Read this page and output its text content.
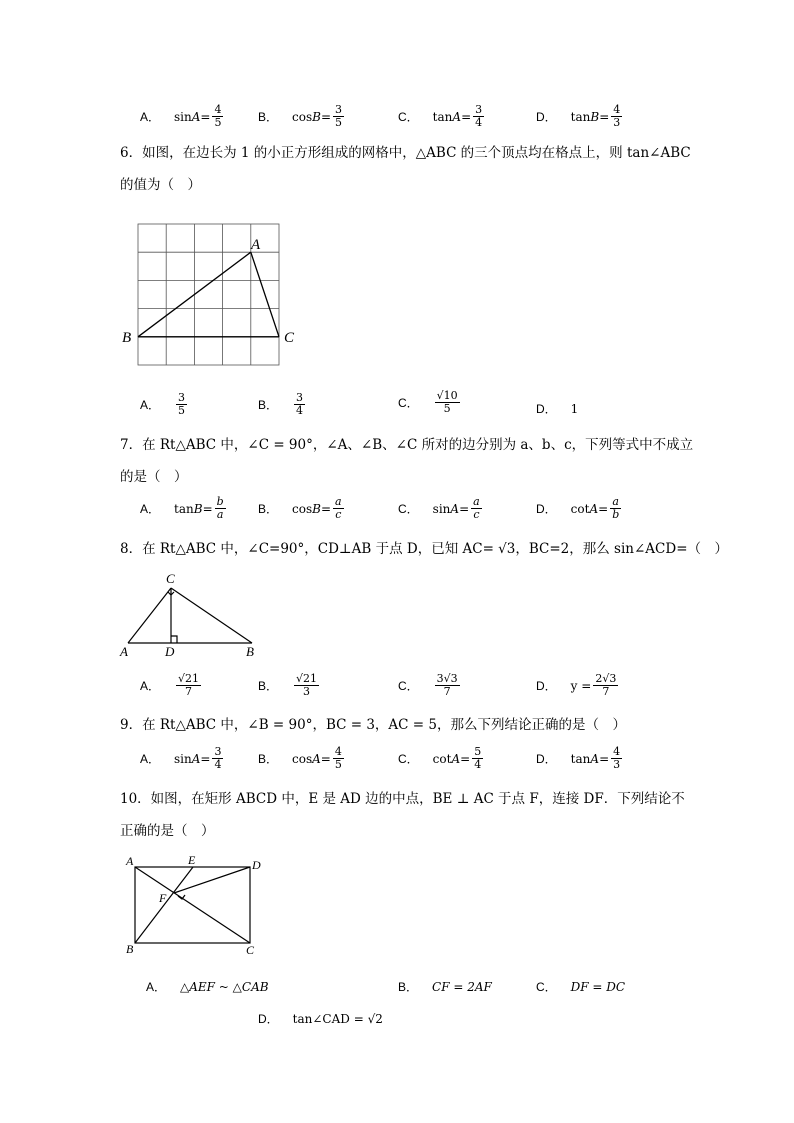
A． $\sin A = \frac{4}{5}$	B． $\cos B = \frac{3}{5}$	C． $\tan A = \frac{3}{4}$	D． $\tan B = \frac{4}{3}$
6．如图，在边长为 1 的小正方形组成的网格中，△ABC 的三个顶点均在格点上，则 tan∠ABC
的值为（　）
A
B	C
A． $\frac{3}{5}$	B． $\frac{3}{4}$	C． $\frac{√10}{5}$	D． 1
7．在 Rt△ABC 中，∠C = 90°，∠A、∠B、∠C 所对的边分别为 a、b、c，下列等式中不成立
的是（　）
A． $\tan B = \frac{b}{a}$	B． $\cos B = \frac{a}{c}$	C． $\sin A = \frac{a}{c}$	D． $\cot A = \frac{a}{b}$
8．在 Rt△ABC 中，∠C=90°，CD⊥AB 于点 D，已知 AC= √3，BC=2，那么 sin∠ACD=（　）
C
A	D	B
A． $\frac{√21}{7}$	B． $\frac{√21}{3}$	C． $\frac{3√3}{7}$	D． $y = \frac{2√3}{7}$
9．在 Rt△ABC 中，∠B = 90°，BC = 3，AC = 5，那么下列结论正确的是（　）
A． $\sin A = \frac{3}{4}$	B． $\cos A = \frac{4}{5}$	C． $\cot A = \frac{5}{4}$	D． $\tan A = \frac{4}{3}$
10．如图，在矩形 ABCD 中，E 是 AD 边的中点，BE ⊥ AC 于点 F，连接 DF．下列结论不
正确的是（　）
A	E	D
F
B	C
A． △AEF ~ △CAB	B． CF = 2AF	C． DF = DC
D． tan∠CAD = √2
